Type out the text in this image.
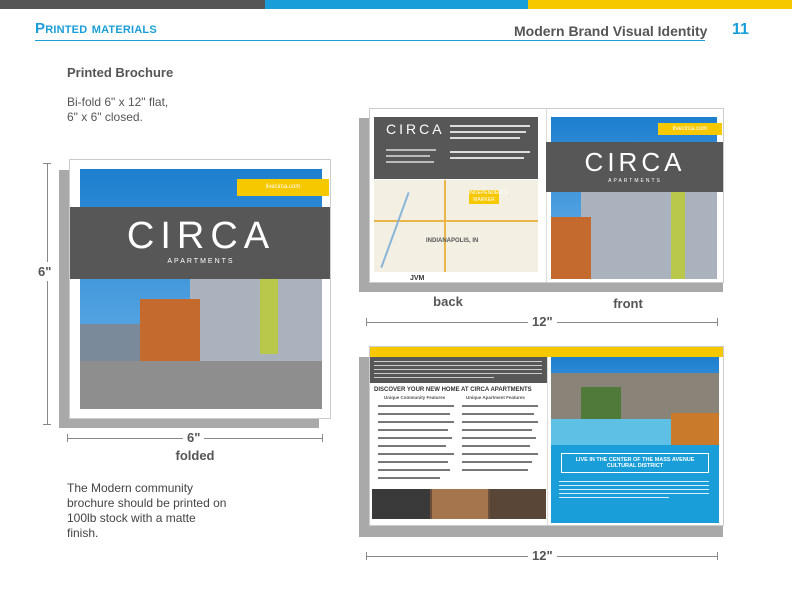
Printed materials	Modern Brand Visual Identity 11
Printed Brochure
Bi-fold 6" x 12" flat,
6" x 6" closed.
The Modern community brochure should be printed on 100lb stock with a matte finish.
6"
livecirca.com
CIRCA
APARTMENTS
6"
folded
CIRCA
INDEPENDENCE MARKER
INDIANAPOLIS, IN
JVM
livecirca.com
CIRCA
APARTMENTS
back	front
12"
DISCOVER YOUR NEW HOME AT CIRCA APARTMENTS
Unique Community Features	Unique Apartment Features
LIVE IN THE CENTER OF THE MASS AVENUE CULTURAL DISTRICT
12"
